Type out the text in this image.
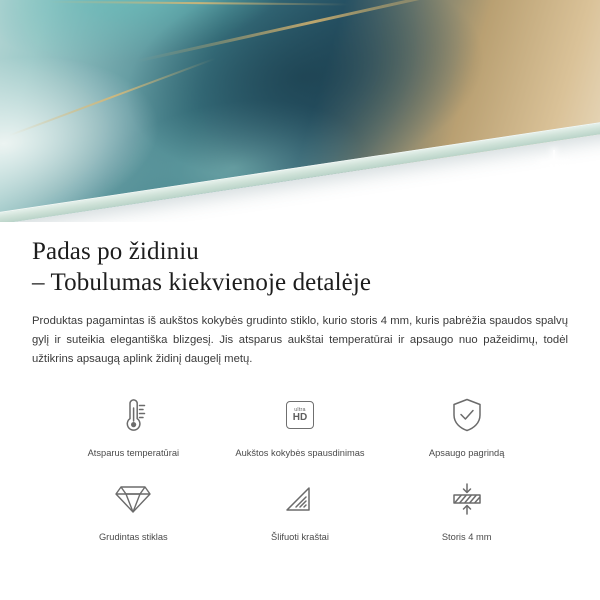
Padas po židiniu
– Tobulumas kiekvienoje detalėje

Produktas pagamintas iš aukštos kokybės grudinto stiklo, kurio storis 4 mm, kuris pabrėžia spaudos spalvų gylį ir suteikia elegantiška blizgesį. Jis atsparus aukštai temperatūrai ir apsaugo nuo pažeidimų, todėl užtikrins apsaugą aplink židinį daugelį metų.

Atsparus temperatūrai
ultra
HD
Aukštos kokybės spausdinimas	Apsaugo pagrindą
Grudintas stiklas	Šlifuoti kraštai	Storis 4 mm
